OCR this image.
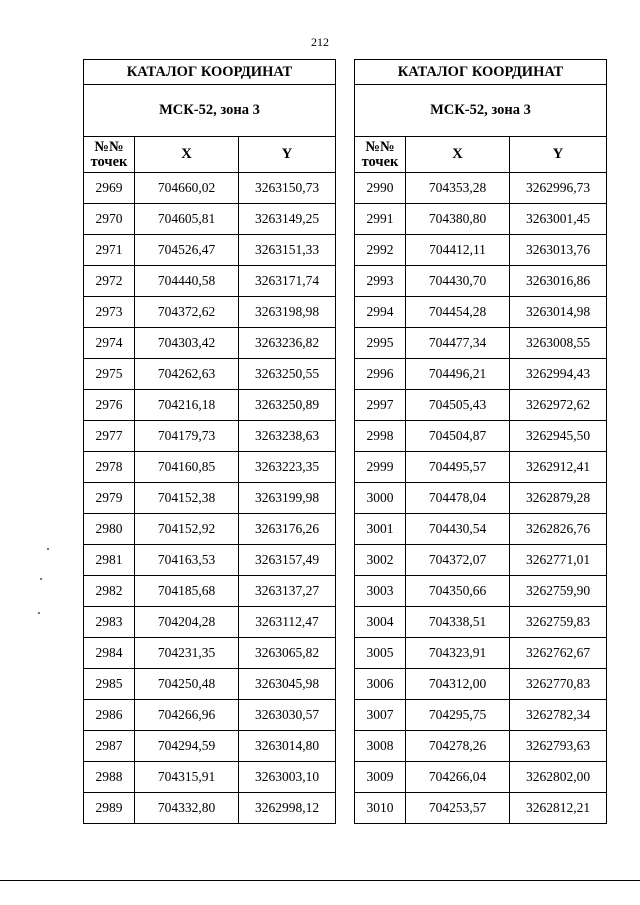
212
КАТАЛОГ КООРДИНАТ		
МСК-52, зона 3		
№№
точек	X	Y
2969	704660,02	3263150,73
2970	704605,81	3263149,25
2971	704526,47	3263151,33
2972	704440,58	3263171,74
2973	704372,62	3263198,98
2974	704303,42	3263236,82
2975	704262,63	3263250,55
2976	704216,18	3263250,89
2977	704179,73	3263238,63
2978	704160,85	3263223,35
2979	704152,38	3263199,98
2980	704152,92	3263176,26
2981	704163,53	3263157,49
2982	704185,68	3263137,27
2983	704204,28	3263112,47
2984	704231,35	3263065,82
2985	704250,48	3263045,98
2986	704266,96	3263030,57
2987	704294,59	3263014,80
2988	704315,91	3263003,10
2989	704332,80	3262998,12
КАТАЛОГ КООРДИНАТ		
МСК-52, зона 3		
№№
точек	X	Y
2990	704353,28	3262996,73
2991	704380,80	3263001,45
2992	704412,11	3263013,76
2993	704430,70	3263016,86
2994	704454,28	3263014,98
2995	704477,34	3263008,55
2996	704496,21	3262994,43
2997	704505,43	3262972,62
2998	704504,87	3262945,50
2999	704495,57	3262912,41
3000	704478,04	3262879,28
3001	704430,54	3262826,76
3002	704372,07	3262771,01
3003	704350,66	3262759,90
3004	704338,51	3262759,83
3005	704323,91	3262762,67
3006	704312,00	3262770,83
3007	704295,75	3262782,34
3008	704278,26	3262793,63
3009	704266,04	3262802,00
3010	704253,57	3262812,21
